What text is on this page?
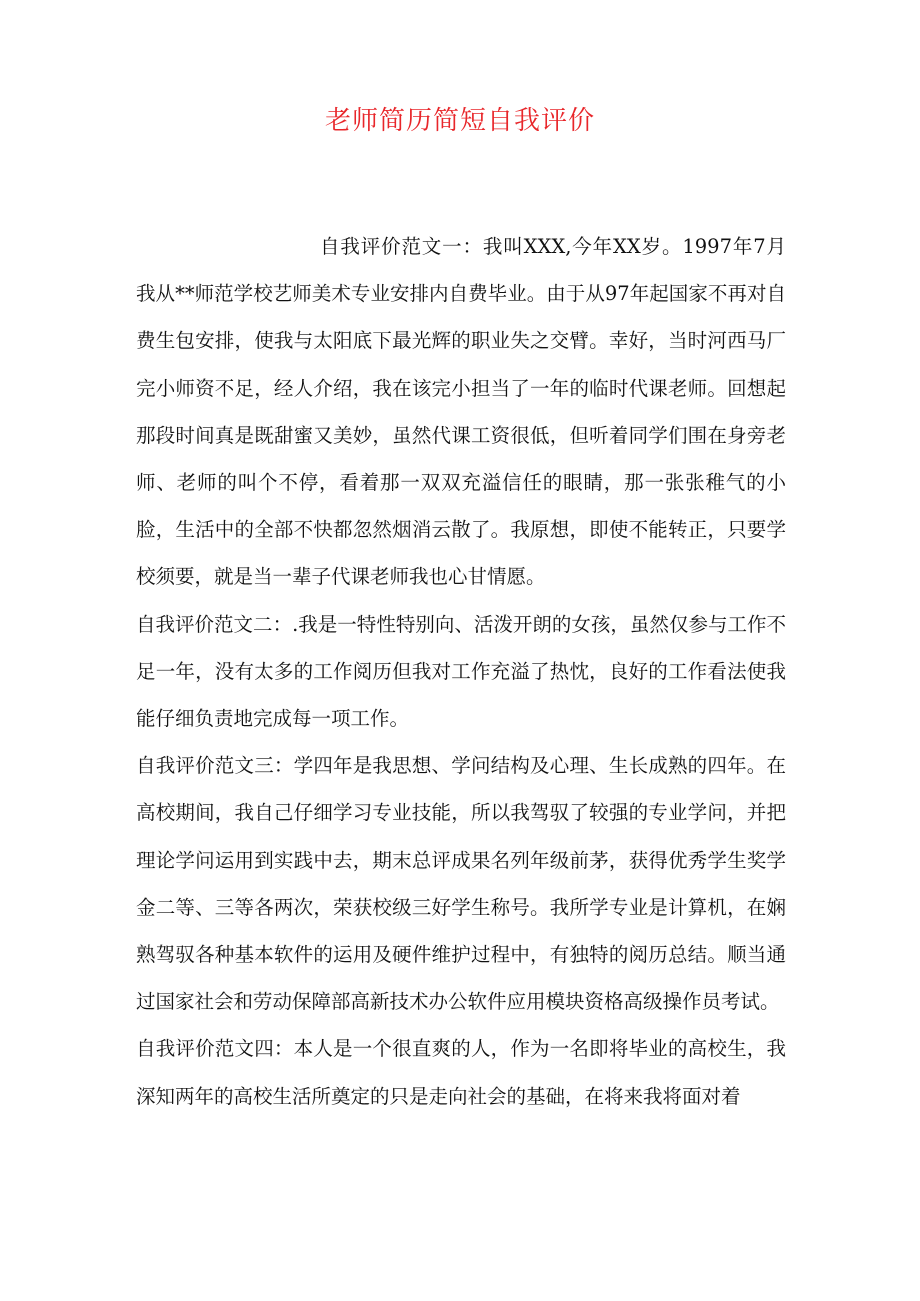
老师简历简短自我评价

自我评价范文一：我叫XXX,今年XX岁。1997年7月我从**师范学校艺师美术专业安排内自费毕业。由于从97年起国家不再对自费生包安排，使我与太阳底下最光辉的职业失之交臂。幸好，当时河西马厂完小师资不足，经人介绍，我在该完小担当了一年的临时代课老师。回想起那段时间真是既甜蜜又美妙，虽然代课工资很低，但听着同学们围在身旁老师、老师的叫个不停，看着那一双双充溢信任的眼睛，那一张张稚气的小脸，生活中的全部不快都忽然烟消云散了。我原想，即使不能转正，只要学校须要，就是当一辈子代课老师我也心甘情愿。

自我评价范文二：.我是一特性特别向、活泼开朗的女孩，虽然仅参与工作不足一年，没有太多的工作阅历但我对工作充溢了热忱，良好的工作看法使我能仔细负责地完成每一项工作。

自我评价范文三：学四年是我思想、学问结构及心理、生长成熟的四年。在高校期间，我自己仔细学习专业技能，所以我驾驭了较强的专业学问，并把理论学问运用到实践中去，期末总评成果名列年级前茅，获得优秀学生奖学金二等、三等各两次，荣获校级三好学生称号。我所学专业是计算机，在娴熟驾驭各种基本软件的运用及硬件维护过程中，有独特的阅历总结。顺当通过国家社会和劳动保障部高新技术办公软件应用模块资格高级操作员考试。

自我评价范文四：本人是一个很直爽的人，作为一名即将毕业的高校生，我深知两年的高校生活所奠定的只是走向社会的基础，在将来我将面对着
